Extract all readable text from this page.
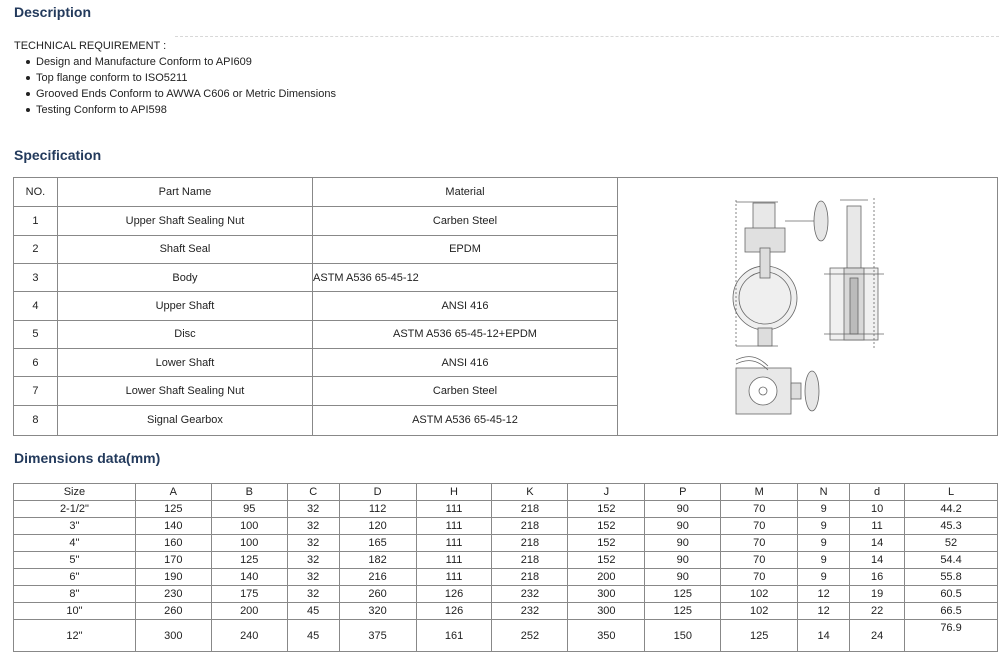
Description
TECHNICAL REQUIREMENT :
Design and Manufacture Conform to API609
Top flange conform to ISO5211
Grooved Ends Conform to AWWA C606 or Metric Dimensions
Testing Conform to API598
Specification
NO.	Part Name	Material	
1	Upper Shaft Sealing Nut	Carben Steel	
2	Shaft Seal	EPDM	
3	Body	ASTM A536 65-45-12	
4	Upper Shaft	ANSI 416	
5	Disc	ASTM A536 65-45-12+EPDM	
6	Lower Shaft	ANSI 416	
7	Lower Shaft Sealing Nut	Carben Steel	
8	Signal Gearbox	ASTM A536 65-45-12	
Dimensions data(mm)
Size	A	B	C	D	H	K	J	P	M	N	d	L
2-1/2"	125	95	32	112	111	218	152	90	70	9	10	44.2
3"	140	100	32	120	111	218	152	90	70	9	11	45.3
4"	160	100	32	165	111	218	152	90	70	9	14	52
5"	170	125	32	182	111	218	152	90	70	9	14	54.4
6"	190	140	32	216	111	218	200	90	70	9	16	55.8
8"	230	175	32	260	126	232	300	125	102	12	19	60.5
10"	260	200	45	320	126	232	300	125	102	12	22	66.5
12"	300	240	45	375	161	252	350	150	125	14	24	76.9
